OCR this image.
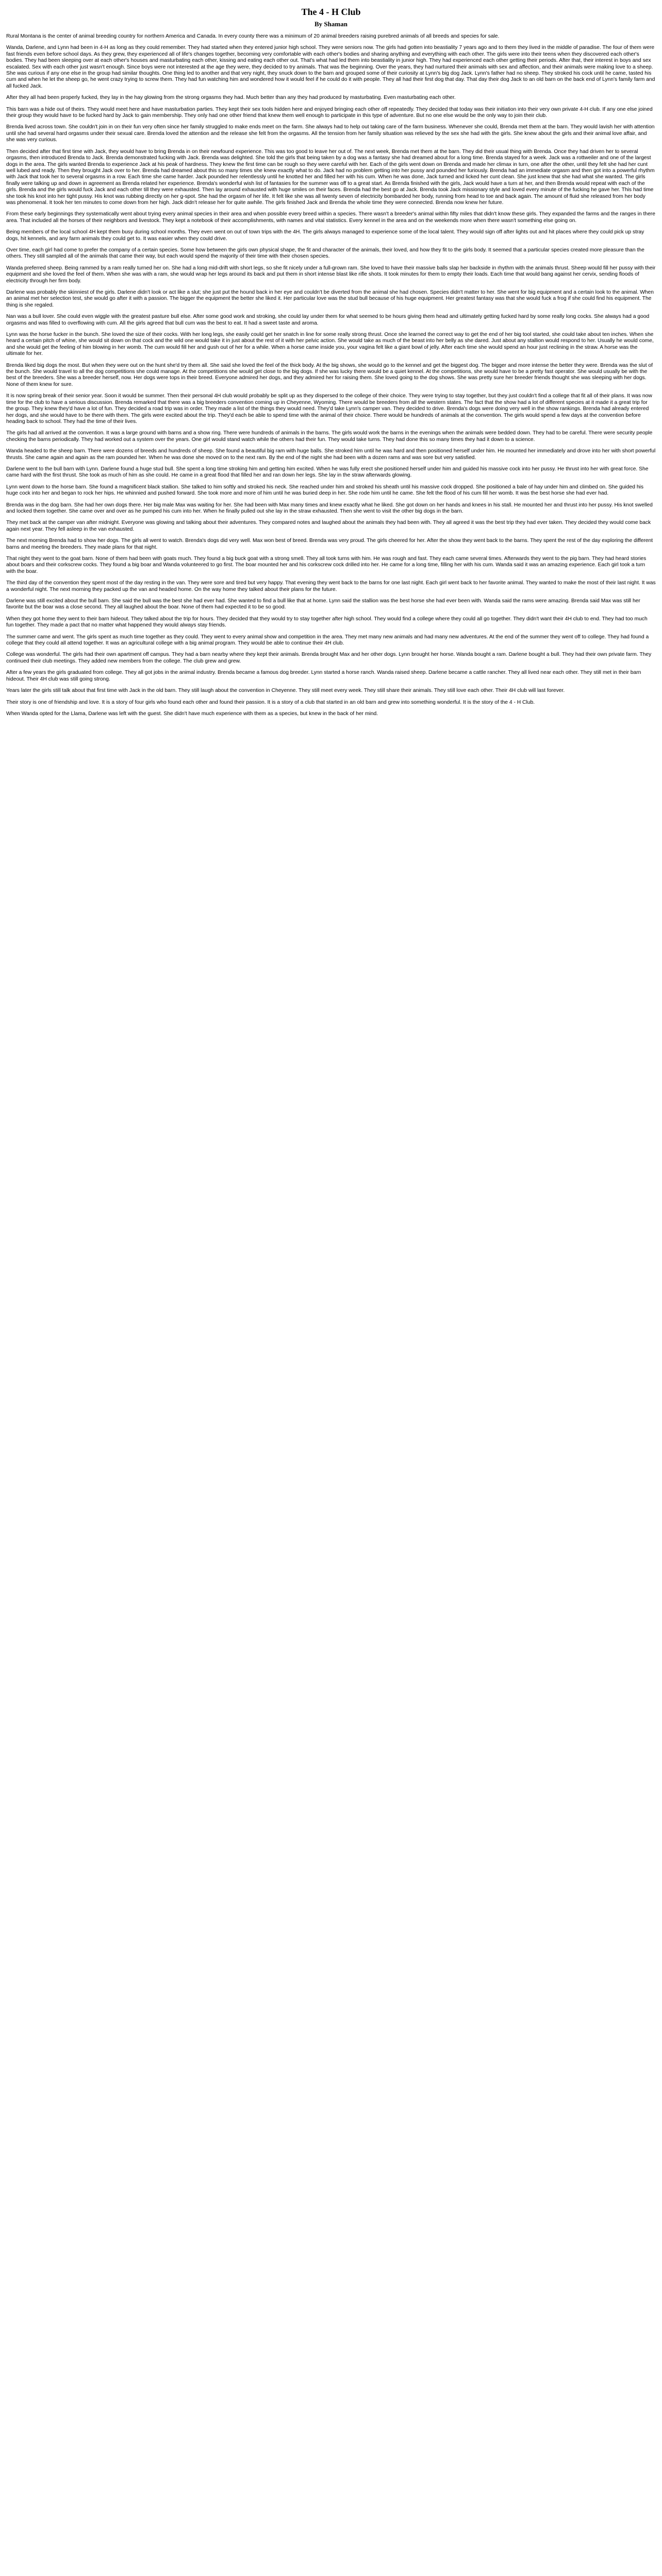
The 4 - H Club
By Shaman

Rural Montana is the center of animal breeding country for northern America and Canada. In every county there was a minimum of 20 animal breeders raising purebred animals of all breeds and species for sale.

Wanda, Darlene, and Lynn had been in 4-H as long as they could remember. They had started when they entered junior high school. They were seniors now. The girls had gotten into beastiality 7 years ago and to them they lived in the middle of paradise. The four of them were fast friends even before school days. As they grew, they experienced all of life's changes together, becoming very comfortable with each other's bodies and sharing anything and everything with each other. The girls were into their teens when they discovered each other's bodies. They had been sleeping over at each other's houses and masturbating each other, kissing and eating each other out. That's what had led them into beastiality in junior high. They had experienced each other getting their periods. After that, their interest in boys and sex escalated. Sex with each other just wasn't enough. Since boys were not interested at the age they were, they decided to try animals. That was the beginning. Over the years, they had nurtured their animals with sex and affection, and their animals were making love to a sheep. She was curious if any one else in the group had similar thoughts. One thing led to another and that very night, they snuck down to the barn and grouped some of their curiosity at Lynn's big dog Jack. Lynn's father had no sheep. They stroked his cock until he came, tasted his cum and when he let the sheep go, he went crazy trying to screw them. They had fun watching him and wondered how it would feel if he could do it with people. They all had their first dog that day. That day their dog Jack to an old barn on the back end of Lynn's family farm and all fucked Jack.

After they all had been properly fucked, they lay in the hay glowing from the strong orgasms they had. Much better than any they had produced by masturbating. Even masturbating each other.

This barn was a hide out of theirs. They would meet here and have masturbation parties. They kept their sex tools hidden here and enjoyed bringing each other off repeatedly. They decided that today was their initiation into their very own private 4-H club. If any one else joined their group they would have to be fucked hard by Jack to gain membership. They only had one other friend that knew them well enough to participate in this type of adventure. But no one else would be the only way to join their club.

Brenda lived across town. She couldn't join in on their fun very often since her family struggled to make ends meet on the farm. She always had to help out taking care of the farm business. Whenever she could, Brenda met them at the barn. They would lavish her with attention until she had several hard orgasms under their sexual care. Brenda loved the attention and the release she felt from the orgasms. All the tension from her family situation was relieved by the sex she had with the girls. She knew about the girls and their animal love affair, and she was very curious.

Then decided after that first time with Jack, they would have to bring Brenda in on their newfound experience. This was too good to leave her out of. The next week, Brenda met them at the barn. They did their usual thing with Brenda. Once they had driven her to several orgasms, then introduced Brenda to Jack. Brenda demonstrated fucking with Jack. Brenda was delighted. She told the girls that being taken by a dog was a fantasy she had dreamed about for a long time. Brenda stayed for a week. Jack was a rottweiler and one of the largest dogs in the area. The girls wanted Brenda to experience Jack at his peak of hardness. They knew the first time can be rough so they were careful with her. Each of the girls went down on Brenda and made her climax in turn, one after the other, until they felt she had her cunt well lubed and ready. Then they brought Jack over to her. Brenda had dreamed about this so many times she knew exactly what to do. Jack had no problem getting into her pussy and pounded her furiously. Brenda had an immediate orgasm and then got into a powerful rhythm with Jack that took her to several orgasms in a row. Each time she came harder. Jack pounded her relentlessly until he knotted her and filled her with his cum. When he was done, Jack turned and licked her cunt clean. She just knew that she had what she wanted. The girls finally were talking up and down in agreement as Brenda related her experience. Brenda's wonderful wish list of fantasies for the summer was off to a great start. As Brenda finished with the girls, Jack would have a turn at her, and then Brenda would repeat with each of the girls. Brenda and the girls would fuck Jack and each other till they were exhausted. Then lay around exhausted with huge smiles on their faces. Brenda had the best go at Jack. Brenda took Jack missionary style and loved every minute of the fucking he gave her. This had time she took his knot into her tight pussy. His knot was rubbing directly on her g-spot. She had the orgasm of her life. It felt like she was all twenty seven of electricity bombarded her body, running from head to toe and back again. The amount of fluid she released from her body was phenomenal. It took her ten minutes to come down from her high. Jack didn't release her for quite awhile. The girls finished Jack and Brenda the whole time they were connected. Brenda now knew her future.

From these early beginnings they systematically went about trying every animal species in their area and when possible every breed within a species. There wasn't a breeder's animal within fifty miles that didn't know these girls. They expanded the farms and the ranges in there area. That included all the horses of their neighbors and livestock. They kept a notebook of their accomplishments, with names and vital statistics. Every kennel in the area and on the weekends more when there wasn't something else going on.

Being members of the local school 4H kept them busy during school months. They even went on out of town trips with the 4H. The girls always managed to experience some of the local talent. They would sign off after lights out and hit places where they could pick up stray dogs, hit kennels, and any farm animals they could get to. It was easier when they could drive.

Over time, each girl had come to prefer the company of a certain species. Some how between the girls own physical shape, the fit and character of the animals, their loved, and how they fit to the girls body. It seemed that a particular species created more pleasure than the others. They still sampled all of the animals that came their way, but each would spend the majority of their time with their chosen species.

Wanda preferred sheep. Being rammed by a ram really turned her on. She had a long mid-drift with short legs, so she fit nicely under a full-grown ram. She loved to have their massive balls slap her backside in rhythm with the animals thrust. Sheep would fill her pussy with their equipment and she loved the feel of them. When she was with a ram, she would wrap her legs around its back and put them in short intense blast like rifle shots. It took minutes for them to empty their loads. Each time that would bang against her cervix, sending floods of electricity through her firm body.

Darlene was probably the skinniest of the girls. Darlene didn't look or act like a slut; she just put the hound back in her eye and couldn't be diverted from the animal she had chosen. Species didn't matter to her. She went for big equipment and a certain look to the animal. When an animal met her selection test, she would go after it with a passion. The bigger the equipment the better she liked it. Her particular love was the stud bull because of his huge equipment. Her greatest fantasy was that she would fuck a frog if she could find his equipment. The thing is she regaled.

Nan was a bull lover. She could even wiggle with the greatest pasture bull else. After some good work and stroking, she could lay under them for what seemed to be hours giving them head and ultimately getting fucked hard by some really long cocks. She always had a good orgasms and was filled to overflowing with cum. All the girls agreed that bull cum was the best to eat. It had a sweet taste and aroma.

Lynn was the horse fucker in the bunch. She loved the size of their cocks. With her long legs, she easily could get her snatch in line for some really strong thrust. Once she learned the correct way to get the end of her big tool started, she could take about ten inches. When she heard a certain pitch of whine, she would sit down on that cock and the wild one would take it in just about the rest of it with her pelvic action. She would take as much of the beast into her belly as she dared. Just about any stallion would respond to her. Usually he would come, and she would get the feeling of him blowing in her womb. The cum would fill her and gush out of her for a while. When a horse came inside you, your vagina felt like a giant bowl of jelly. After each time she would spend an hour just reclining in the straw. A horse was the ultimate for her.

Brenda liked big dogs the most. But when they were out on the hunt she'd try them all. She said she loved the feel of the thick body. At the big shows, she would go to the kennel and get the biggest dog. The bigger and more intense the better they were. Brenda was the slut of the bunch. She would travel to all the dog competitions she could manage. At the competitions she would get close to the big dogs. If she was lucky there would be a quiet kennel. At the competitions, she would have to be a pretty fast operator. She would usually be with the best of the breeders. She was a breeder herself, now. Her dogs were tops in their breed. Everyone admired her dogs, and they admired her for raising them. She loved going to the dog shows. She was pretty sure her breeder friends thought she was sleeping with her dogs. None of them knew for sure.

It is now spring break of their senior year. Soon it would be summer. Then their personal 4H club would probably be split up as they dispersed to the college of their choice. They were trying to stay together, but they just couldn't find a college that fit all of their plans. It was now time for the club to have a serious discussion. Brenda remarked that there was a big breeders convention coming up in Cheyenne, Wyoming. There would be breeders from all the western states. The fact that the show had a lot of different species at it made it a great trip for the group. They knew they'd have a lot of fun. They decided a road trip was in order. They made a list of the things they would need. They'd take Lynn's camper van. They decided to drive. Brenda's dogs were doing very well in the show rankings. Brenda had already entered her dogs, and she would have to be there with them. The girls were excited about the trip. They'd each be able to spend time with the animal of their choice. There would be hundreds of animals at the convention. The girls would spend a few days at the convention before heading back to school. They had the time of their lives.

The girls had all arrived at the convention. It was a large ground with barns and a show ring. There were hundreds of animals in the barns. The girls would work the barns in the evenings when the animals were bedded down. They had to be careful. There were security people checking the barns periodically. They had worked out a system over the years. One girl would stand watch while the others had their fun. They would take turns. They had done this so many times they had it down to a science.

Wanda headed to the sheep barn. There were dozens of breeds and hundreds of sheep. She found a beautiful big ram with huge balls. She stroked him until he was hard and then positioned herself under him. He mounted her immediately and drove into her with short powerful thrusts. She came again and again as the ram pounded her. When he was done she moved on to the next ram. By the end of the night she had been with a dozen rams and was sore but very satisfied.

Darlene went to the bull barn with Lynn. Darlene found a huge stud bull. She spent a long time stroking him and getting him excited. When he was fully erect she positioned herself under him and guided his massive cock into her pussy. He thrust into her with great force. She came hard with the first thrust. She took as much of him as she could. He came in a great flood that filled her and ran down her legs. She lay in the straw afterwards glowing.

Lynn went down to the horse barn. She found a magnificent black stallion. She talked to him softly and stroked his neck. She reached under him and stroked his sheath until his massive cock dropped. She positioned a bale of hay under him and climbed on. She guided his huge cock into her and began to rock her hips. He whinnied and pushed forward. She took more and more of him until he was buried deep in her. She rode him until he came. She felt the flood of his cum fill her womb. It was the best horse she had ever had.

Brenda was in the dog barn. She had her own dogs there. Her big male Max was waiting for her. She had been with Max many times and knew exactly what he liked. She got down on her hands and knees in his stall. He mounted her and thrust into her pussy. His knot swelled and locked them together. She came over and over as he pumped his cum into her. When he finally pulled out she lay in the straw exhausted. Then she went to visit the other big dogs in the barn.

They met back at the camper van after midnight. Everyone was glowing and talking about their adventures. They compared notes and laughed about the animals they had been with. They all agreed it was the best trip they had ever taken. They decided they would come back again next year. They fell asleep in the van exhausted.

The next morning Brenda had to show her dogs. The girls all went to watch. Brenda's dogs did very well. Max won best of breed. Brenda was very proud. The girls cheered for her. After the show they went back to the barns. They spent the rest of the day exploring the different barns and meeting the breeders. They made plans for that night.

That night they went to the goat barn. None of them had been with goats much. They found a big buck goat with a strong smell. They all took turns with him. He was rough and fast. They each came several times. Afterwards they went to the pig barn. They had heard stories about boars and their corkscrew cocks. They found a big boar and Wanda volunteered to go first. The boar mounted her and his corkscrew cock drilled into her. He came for a long time, filling her with his cum. Wanda said it was an amazing experience. Each girl took a turn with the boar.

The third day of the convention they spent most of the day resting in the van. They were sore and tired but very happy. That evening they went back to the barns for one last night. Each girl went back to her favorite animal. They wanted to make the most of their last night. It was a wonderful night. The next morning they packed up the van and headed home. On the way home they talked about their plans for the future.

Darlene was still excited about the bull barn. She said the bull was the best she had ever had. She wanted to find a bull like that at home. Lynn said the stallion was the best horse she had ever been with. Wanda said the rams were amazing. Brenda said Max was still her favorite but the boar was a close second. They all laughed about the boar. None of them had expected it to be so good.

When they got home they went to their barn hideout. They talked about the trip for hours. They decided that they would try to stay together after high school. They would find a college where they could all go together. They didn't want their 4H club to end. They had too much fun together. They made a pact that no matter what happened they would always stay friends.

The summer came and went. The girls spent as much time together as they could. They went to every animal show and competition in the area. They met many new animals and had many new adventures. At the end of the summer they went off to college. They had found a college that they could all attend together. It was an agricultural college with a big animal program. They would be able to continue their 4H club.

College was wonderful. The girls had their own apartment off campus. They had a barn nearby where they kept their animals. Brenda brought Max and her other dogs. Lynn brought her horse. Wanda bought a ram. Darlene bought a bull. They had their own private farm. They continued their club meetings. They added new members from the college. The club grew and grew.

After a few years the girls graduated from college. They all got jobs in the animal industry. Brenda became a famous dog breeder. Lynn started a horse ranch. Wanda raised sheep. Darlene became a cattle rancher. They all lived near each other. They still met in their barn hideout. Their 4H club was still going strong.

Years later the girls still talk about that first time with Jack in the old barn. They still laugh about the convention in Cheyenne. They still meet every week. They still share their animals. They still love each other. Their 4H club will last forever.

Their story is one of friendship and love. It is a story of four girls who found each other and found their passion. It is a story of a club that started in an old barn and grew into something wonderful. It is the story of the 4 - H Club.

When Wanda opted for the Llama, Darlene was left with the guest. She didn't have much experience with them as a species, but knew in the back of her mind.
